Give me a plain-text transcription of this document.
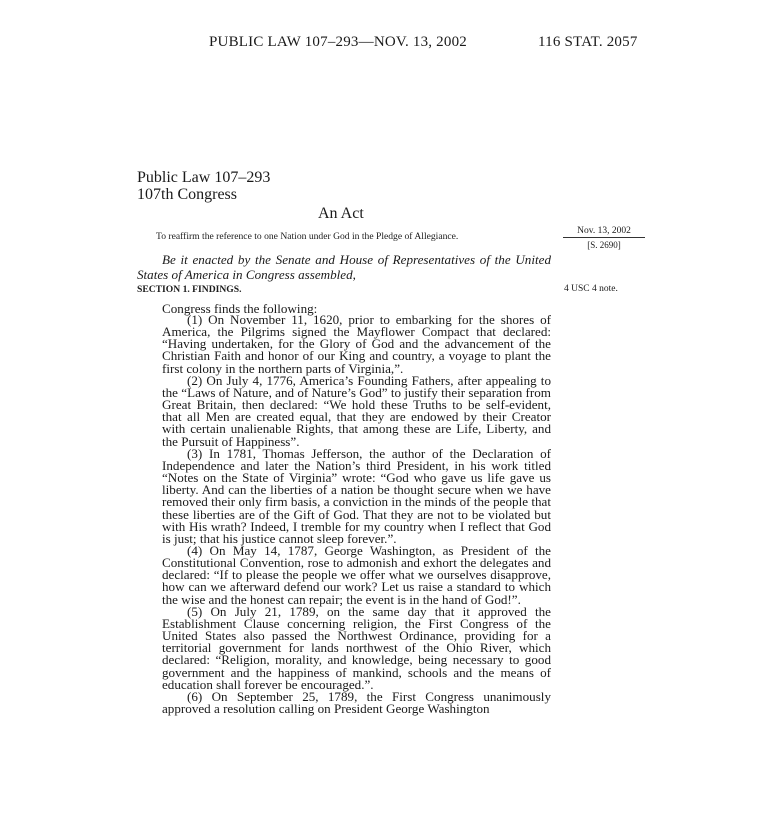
PUBLIC LAW 107–293—NOV. 13, 2002	116 STAT. 2057
Public Law 107–293
107th Congress
An Act
To reaffirm the reference to one Nation under God in the Pledge of Allegiance.	Nov. 13, 2002
[S. 2690]
Be it enacted by the Senate and House of Representatives of the United States of America in Congress assembled,
SECTION 1. FINDINGS.	4 USC 4 note.
Congress finds the following:

(1) On November 11, 1620, prior to embarking for the shores of America, the Pilgrims signed the Mayflower Compact that declared: “Having undertaken, for the Glory of God and the advancement of the Christian Faith and honor of our King and country, a voyage to plant the first colony in the northern parts of Virginia,”.

(2) On July 4, 1776, America’s Founding Fathers, after appealing to the “Laws of Nature, and of Nature’s God” to justify their separation from Great Britain, then declared: “We hold these Truths to be self-evident, that all Men are created equal, that they are endowed by their Creator with certain unalienable Rights, that among these are Life, Liberty, and the Pursuit of Happiness”.

(3) In 1781, Thomas Jefferson, the author of the Declaration of Independence and later the Nation’s third President, in his work titled “Notes on the State of Virginia” wrote: “God who gave us life gave us liberty. And can the liberties of a nation be thought secure when we have removed their only firm basis, a conviction in the minds of the people that these liberties are of the Gift of God. That they are not to be violated but with His wrath? Indeed, I tremble for my country when I reflect that God is just; that his justice cannot sleep forever.”.

(4) On May 14, 1787, George Washington, as President of the Constitutional Convention, rose to admonish and exhort the delegates and declared: “If to please the people we offer what we ourselves disapprove, how can we afterward defend our work? Let us raise a standard to which the wise and the honest can repair; the event is in the hand of God!”.

(5) On July 21, 1789, on the same day that it approved the Establishment Clause concerning religion, the First Congress of the United States also passed the Northwest Ordinance, providing for a territorial government for lands northwest of the Ohio River, which declared: “Religion, morality, and knowledge, being necessary to good government and the happiness of mankind, schools and the means of education shall forever be encouraged.”.

(6) On September 25, 1789, the First Congress unanimously approved a resolution calling on President George Washington
